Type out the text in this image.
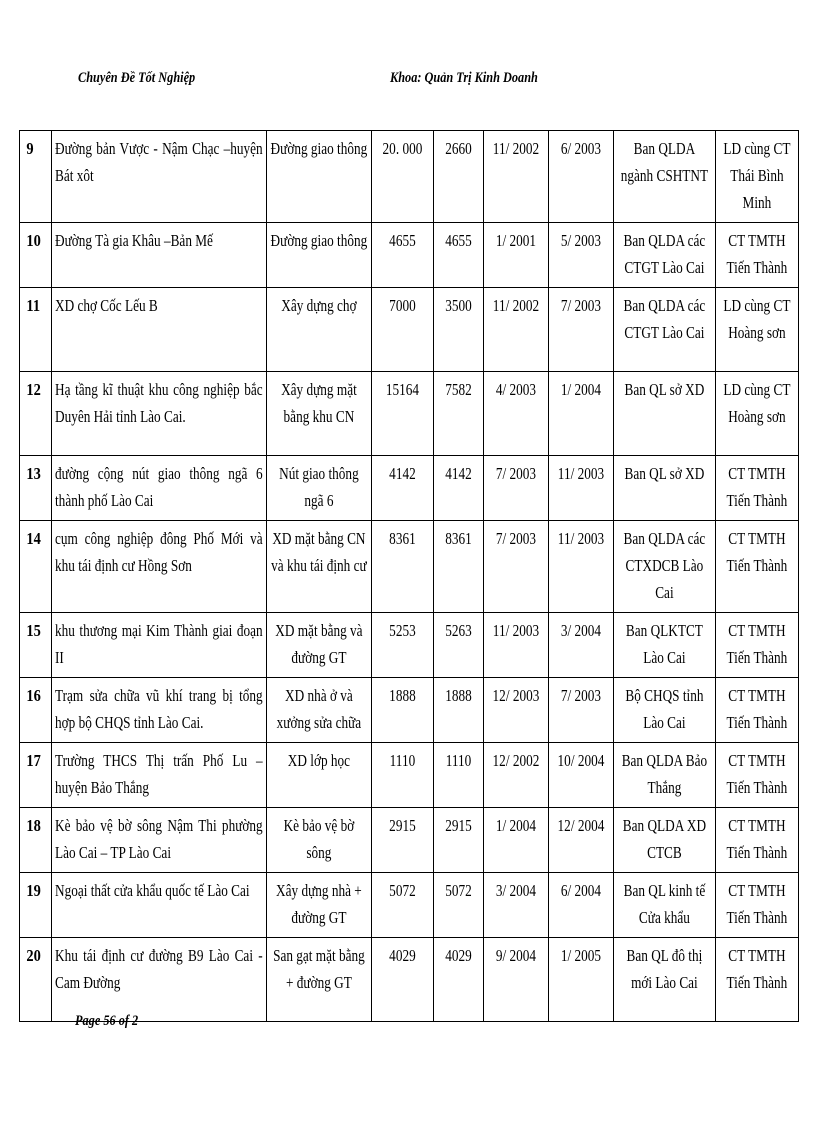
Chuyên Đề Tốt Nghiệp	Khoa: Quản Trị Kinh Doanh
9	Đường bản Vược - Nậm Chạc –huyện Bát xôt	Đường giao thông	20. 000	2660	11/ 2002	6/ 2003	Ban QLDA ngành CSHTNT	LD cùng CT Thái Bình Minh

10	Đường Tà gia Khâu –Bản Mế	Đường giao thông	4655	4655	1/ 2001	5/ 2003	Ban QLDA các CTGT Lào Cai	CT TMTH Tiến Thành

11	XD chợ Cốc Lếu B	Xây dựng chợ	7000	3500	11/ 2002	7/ 2003	Ban QLDA các CTGT Lào Cai	LD cùng CT Hoàng sơn

12	Hạ tầng kĩ thuật khu công nghiệp bắc Duyên Hải tỉnh Lào Cai.	Xây dựng mặt bằng khu CN	15164	7582	4/ 2003	1/ 2004	Ban QL sở XD	LD cùng CT Hoàng sơn

13	đường cộng nút giao thông ngã 6 thành phố Lào Cai	Nút giao thông ngã 6	4142	4142	7/ 2003	11/ 2003	Ban QL sở XD	CT TMTH Tiến Thành

14	cụm công nghiệp đông Phố Mới và khu tái định cư Hồng Sơn	XD mặt bằng CN và khu tái định cư	8361	8361	7/ 2003	11/ 2003	Ban QLDA các CTXDCB Lào Cai	CT TMTH Tiến Thành

15	khu thương mại Kim Thành giai đoạn II	XD mặt bằng và đường GT	5253	5263	11/ 2003	3/ 2004	Ban QLKTCT Lào Cai	CT TMTH Tiến Thành

16	Trạm sửa chữa vũ khí trang bị tổng hợp bộ CHQS tỉnh Lào Cai.	XD nhà ở và xưởng sửa chữa	1888	1888	12/ 2003	7/ 2003	Bộ CHQS tỉnh Lào Cai	CT TMTH Tiến Thành

17	Trường THCS Thị trấn Phố Lu – huyện Bảo Thắng	XD lớp học	1110	1110	12/ 2002	10/ 2004	Ban QLDA Bảo Thắng	CT TMTH Tiến Thành

18	Kè bảo vệ bờ sông Nậm Thi phường Lào Cai – TP Lào Cai	Kè bảo vệ bờ sông	2915	2915	1/ 2004	12/ 2004	Ban QLDA XD CTCB	CT TMTH Tiến Thành

19	Ngoại thất cửa khẩu quốc tế Lào Cai	Xây dựng nhà + đường GT	5072	5072	3/ 2004	6/ 2004	Ban QL kinh tế Cửa khẩu	CT TMTH Tiến Thành

20	Khu tái định cư đường B9 Lào Cai - Cam Đường	San gạt mặt bằng + đường GT	4029	4029	9/ 2004	1/ 2005	Ban QL đô thị mới Lào Cai	CT TMTH Tiến Thành
Page 56 of 2
